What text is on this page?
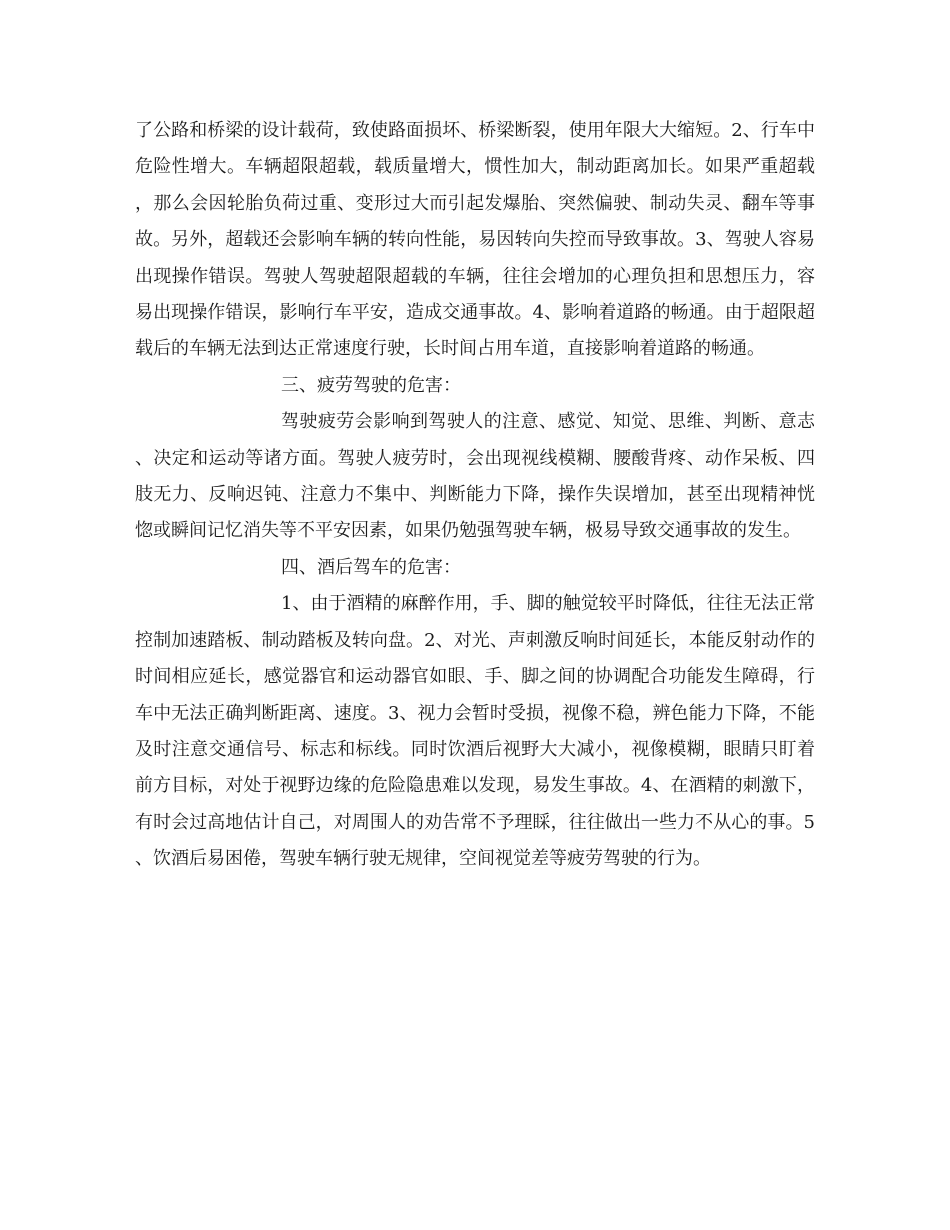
了公路和桥梁的设计载荷，致使路面损坏、桥梁断裂，使用年限大大缩短。2、行车中危险性增大。车辆超限超载，载质量增大，惯性加大，制动距离加长。如果严重超载，那么会因轮胎负荷过重、变形过大而引起发爆胎、突然偏驶、制动失灵、翻车等事故。另外，超载还会影响车辆的转向性能，易因转向失控而导致事故。3、驾驶人容易出现操作错误。驾驶人驾驶超限超载的车辆，往往会增加的心理负担和思想压力，容易出现操作错误，影响行车平安，造成交通事故。4、影响着道路的畅通。由于超限超载后的车辆无法到达正常速度行驶，长时间占用车道，直接影响着道路的畅通。

三、疲劳驾驶的危害：

驾驶疲劳会影响到驾驶人的注意、感觉、知觉、思维、判断、意志、决定和运动等诸方面。驾驶人疲劳时，会出现视线模糊、腰酸背疼、动作呆板、四肢无力、反响迟钝、注意力不集中、判断能力下降，操作失误增加，甚至出现精神恍惚或瞬间记忆消失等不平安因素，如果仍勉强驾驶车辆，极易导致交通事故的发生。

四、酒后驾车的危害：

1、由于酒精的麻醉作用，手、脚的触觉较平时降低，往往无法正常控制加速踏板、制动踏板及转向盘。2、对光、声刺激反响时间延长，本能反射动作的时间相应延长，感觉器官和运动器官如眼、手、脚之间的协调配合功能发生障碍，行车中无法正确判断距离、速度。3、视力会暂时受损，视像不稳，辨色能力下降，不能及时注意交通信号、标志和标线。同时饮酒后视野大大减小，视像模糊，眼睛只盯着前方目标，对处于视野边缘的危险隐患难以发现，易发生事故。4、在酒精的刺激下，有时会过高地估计自己，对周围人的劝告常不予理睬，往往做出一些力不从心的事。5、饮酒后易困倦，驾驶车辆行驶无规律，空间视觉差等疲劳驾驶的行为。
